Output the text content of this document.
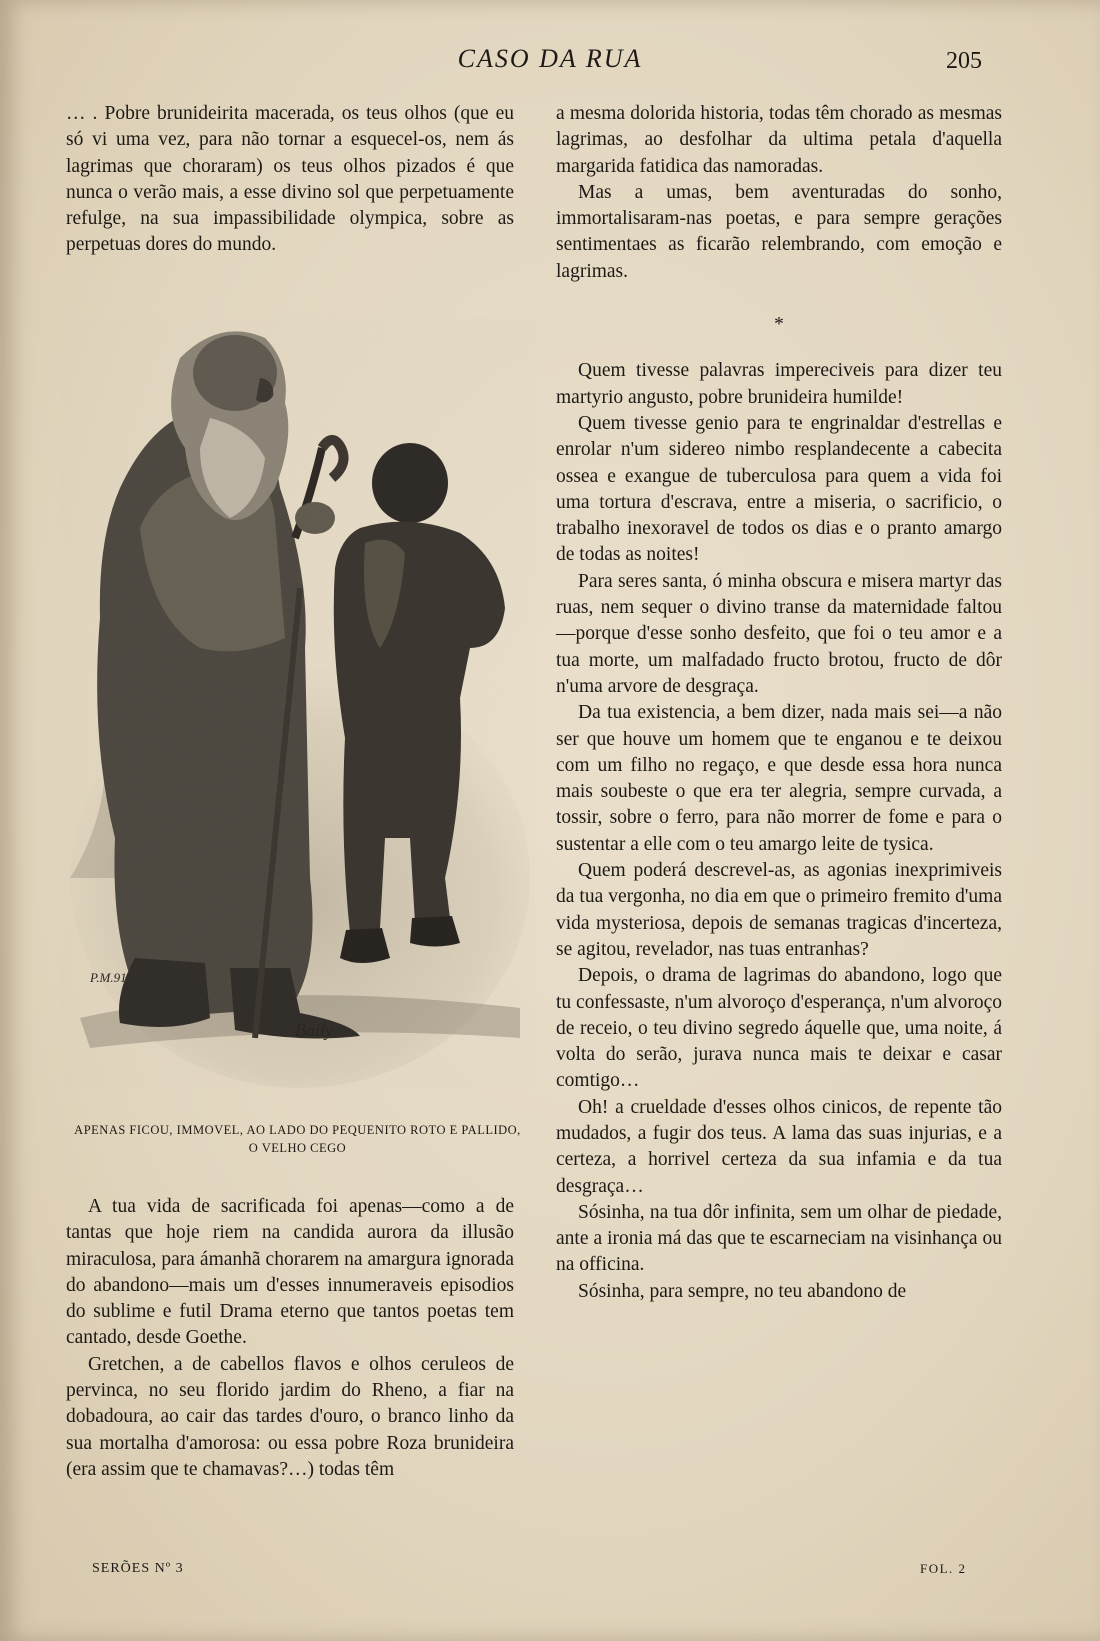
CASO DA RUA	205

… . Pobre brunideirita macerada, os teus olhos (que eu só vi uma vez, para não tornar a esquecel-os, nem ás lagrimas que choraram) os teus olhos pizados é que nunca o verão mais, a esse divino sol que perpetuamente refulge, na sua impassibilidade olympica, sobre as perpetuas dores do mundo.

P.M.91
Baily
APENAS FICOU, IMMOVEL, AO LADO DO PEQUENITO ROTO E PALLIDO,
O VELHO CEGO

A tua vida de sacrificada foi apenas—como a de tantas que hoje riem na candida aurora da illusão miraculosa, para ámanhã chorarem na amargura ignorada do abandono—mais um d'esses innumeraveis episodios do sublime e futil Drama eterno que tantos poetas tem cantado, desde Goethe.

Gretchen, a de cabellos flavos e olhos ceruleos de pervinca, no seu florido jardim do Rheno, a fiar na dobadoura, ao cair das tardes d'ouro, o branco linho da sua mortalha d'amorosa: ou essa pobre Roza brunideira (era assim que te chamavas?…) todas têm

a mesma dolorida historia, todas têm chorado as mesmas lagrimas, ao desfolhar da ultima petala d'aquella margarida fatidica das namoradas.

Mas a umas, bem aventuradas do sonho, immortalisaram-nas poetas, e para sempre gerações sentimentaes as ficarão relembrando, com emoção e lagrimas.

*

Quem tivesse palavras impereciveis para dizer teu martyrio angusto, pobre brunideira humilde!

Quem tivesse genio para te engrinaldar d'estrellas e enrolar n'um sidereo nimbo resplandecente a cabecita ossea e exangue de tuberculosa para quem a vida foi uma tortura d'escrava, entre a miseria, o sacrificio, o trabalho inexoravel de todos os dias e o pranto amargo de todas as noites!

Para seres santa, ó minha obscura e misera martyr das ruas, nem sequer o divino transe da maternidade faltou—porque d'esse sonho desfeito, que foi o teu amor e a tua morte, um malfadado fructo brotou, fructo de dôr n'uma arvore de desgraça.

Da tua existencia, a bem dizer, nada mais sei—a não ser que houve um homem que te enganou e te deixou com um filho no regaço, e que desde essa hora nunca mais soubeste o que era ter alegria, sempre curvada, a tossir, sobre o ferro, para não morrer de fome e para o sustentar a elle com o teu amargo leite de tysica.

Quem poderá descrevel-as, as agonias inexprimiveis da tua vergonha, no dia em que o primeiro fremito d'uma vida mysteriosa, depois de semanas tragicas d'incerteza, se agitou, revelador, nas tuas entranhas?

Depois, o drama de lagrimas do abandono, logo que tu confessaste, n'um alvoroço d'esperança, n'um alvoroço de receio, o teu divino segredo áquelle que, uma noite, á volta do serão, jurava nunca mais te deixar e casar comtigo…

Oh! a crueldade d'esses olhos cinicos, de repente tão mudados, a fugir dos teus. A lama das suas injurias, e a certeza, a horrivel certeza da sua infamia e da tua desgraça…

Sósinha, na tua dôr infinita, sem um olhar de piedade, ante a ironia má das que te escarneciam na visinhança ou na officina.

Sósinha, para sempre, no teu abandono de

SERÕES Nº 3	FOL. 2
